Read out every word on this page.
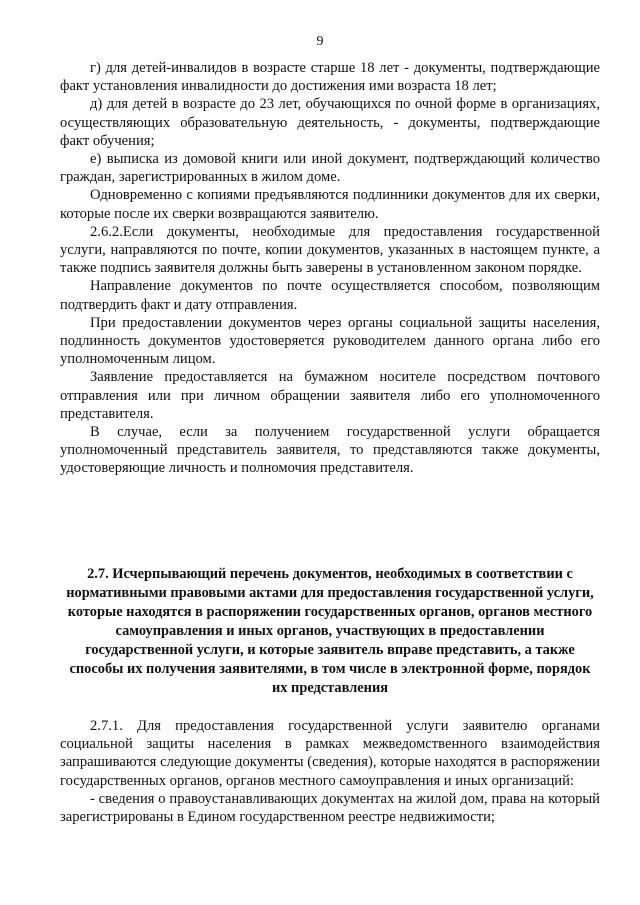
9

г) для детей-инвалидов в возрасте старше 18 лет - документы, подтверждающие факт установления инвалидности до достижения ими возраста 18 лет;

д) для детей в возрасте до 23 лет, обучающихся по очной форме в организациях, осуществляющих образовательную деятельность, - документы, подтверждающие факт обучения;

е) выписка из домовой книги или иной документ, подтверждающий количество граждан, зарегистрированных в жилом доме.

Одновременно с копиями предъявляются подлинники документов для их сверки, которые после их сверки возвращаются заявителю.

2.6.2.Если документы, необходимые для предоставления государственной услуги, направляются по почте, копии документов, указанных в настоящем пункте, а также подпись заявителя должны быть заверены в установленном законом порядке.

Направление документов по почте осуществляется способом, позволяющим подтвердить факт и дату отправления.

При предоставлении документов через органы социальной защиты населения, подлинность документов удостоверяется руководителем данного органа либо его уполномоченным лицом.

Заявление предоставляется на бумажном носителе посредством почтового отправления или при личном обращении заявителя либо его уполномоченного представителя.

В случае, если за получением государственной услуги обращается уполномоченный представитель заявителя, то представляются также документы, удостоверяющие личность и полномочия представителя.

2.7. Исчерпывающий перечень документов, необходимых в соответствии с нормативными правовыми актами для предоставления государственной услуги, которые находятся в распоряжении государственных органов, органов местного самоуправления и иных органов, участвующих в предоставлении государственной услуги, и которые заявитель вправе представить, а также способы их получения заявителями, в том числе в электронной форме, порядок их представления

2.7.1. Для предоставления государственной услуги заявителю органами социальной защиты населения в рамках межведомственного взаимодействия запрашиваются следующие документы (сведения), которые находятся в распоряжении государственных органов, органов местного самоуправления и иных организаций:

- сведения о правоустанавливающих документах на жилой дом, права на который зарегистрированы в Едином государственном реестре недвижимости;
